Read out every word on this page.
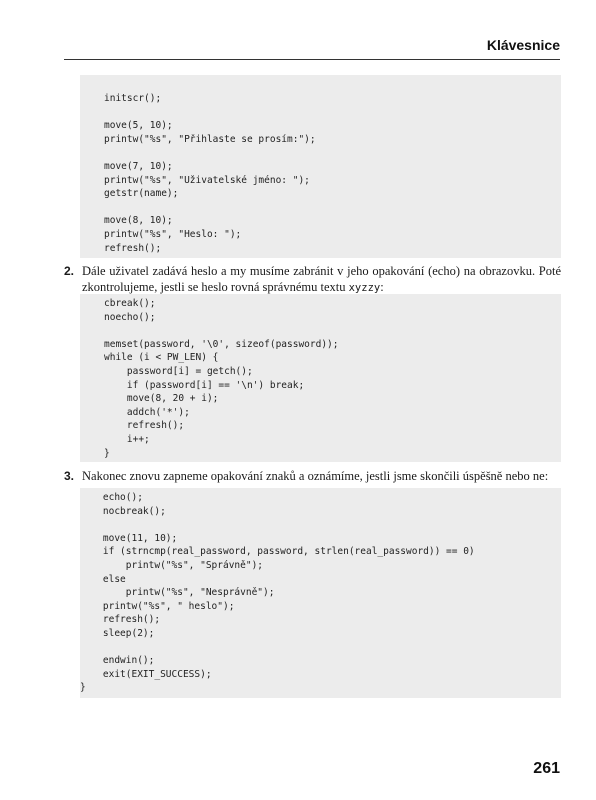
Klávesnice
initscr();
move(5, 10);
printw("%s", "Přihlaste se prosím:");
move(7, 10);
printw("%s", "Uživatelské jméno: ");
getstr(name);
move(8, 10);
printw("%s", "Heslo: ");
refresh();
2. Dále uživatel zadává heslo a my musíme zabránit v jeho opakování (echo) na obrazovku. Poté zkontrolujeme, jestli se heslo rovná správnému textu xyzzy:
cbreak();
noecho();
memset(password, '\0', sizeof(password));
while (i < PW_LEN) {
password[i] = getch();
if (password[i] == '\n') break;
move(8, 20 + i);
addch('*');
refresh();
i++;
}
3. Nakonec znovu zapneme opakování znaků a oznámíme, jestli jsme skončili úspěšně nebo ne:
echo();
nocbreak();
move(11, 10);
if (strncmp(real_password, password, strlen(real_password)) == 0)
printw("%s", "Správně");
else
printw("%s", "Nesprávně");
printw("%s", " heslo");
refresh();
sleep(2);
endwin();
exit(EXIT_SUCCESS);
}
261
